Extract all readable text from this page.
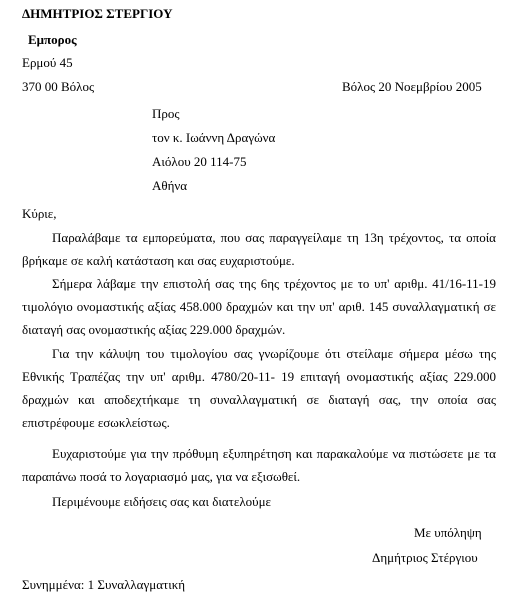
ΔΗΜΗΤΡΙΟΣ ΣΤΕΡΓΙΟΥ
Εμπορος
Ερμού 45
370 00 Βόλος	Βόλος 20 Νοεμβρίου 2005
Προς
τον κ. Ιωάννη Δραγώνα
Αιόλου 20 114-75
Αθήνα
Κύριε,
Παραλάβαμε τα εμπορεύματα, που σας παραγγείλαμε τη 13η τρέχοντος, τα οποία βρήκαμε σε καλή κατάσταση και σας ευχαριστούμε.
Σήμερα λάβαμε την επιστολή σας της 6ης τρέχοντος με το υπ' αριθμ. 41/16-11-19 τιμολόγιο ονομαστικής αξίας 458.000 δραχμών και την υπ' αριθ. 145 συναλλαγματική σε διαταγή σας ονομαστικής αξίας 229.000 δραχμών.
Για την κάλυψη του τιμολογίου σας γνωρίζουμε ότι στείλαμε σήμερα μέσω της Εθνικής Τραπέζας την υπ' αριθμ. 4780/20-11- 19 επιταγή ονομαστικής αξίας 229.000 δραχμών και αποδεχτήκαμε τη συναλλαγματική σε διαταγή σας, την οποία σας επιστρέφουμε εσωκλείστως.
Ευχαριστούμε για την πρόθυμη εξυπηρέτηση και παρακαλούμε να πιστώσετε με τα παραπάνω ποσά το λογαριασμό μας, για να εξισωθεί.
Περιμένουμε ειδήσεις σας και διατελούμε
Με υπόληψη
Δημήτριος Στέργιου
Συνημμένα: 1 Συναλλαγματική
